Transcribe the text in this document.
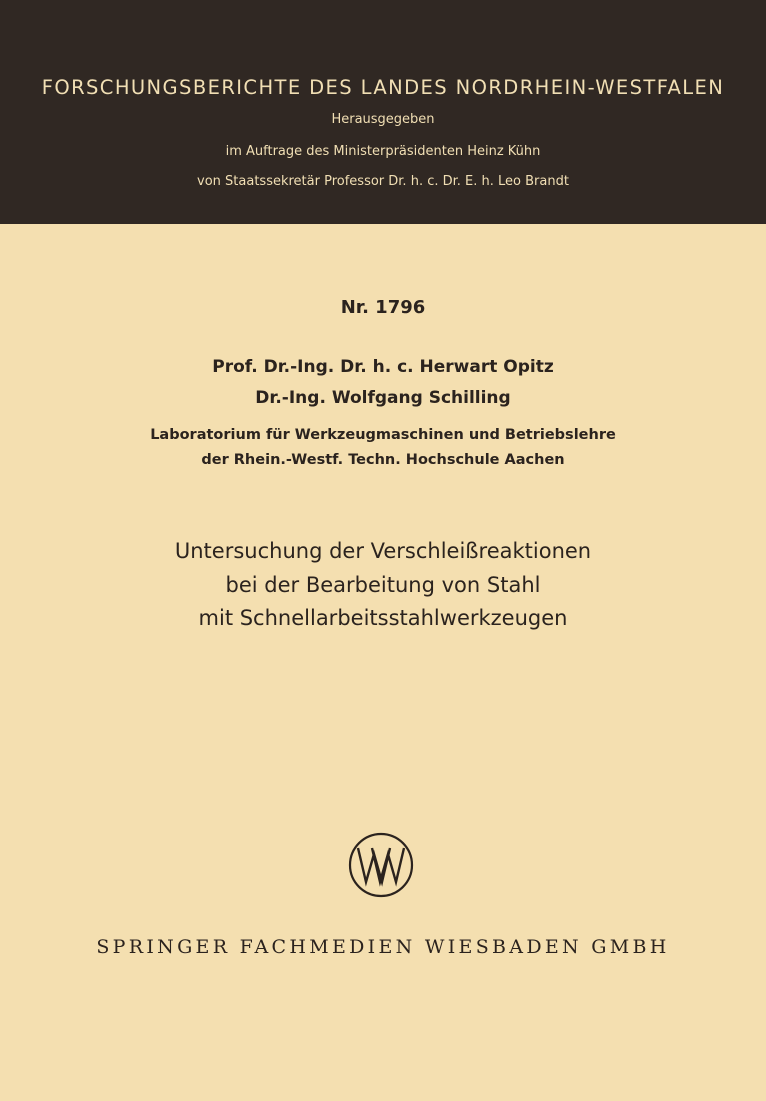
FORSCHUNGSBERICHTE DES LANDES NORDRHEIN-WESTFALEN
Herausgegeben
im Auftrage des Ministerpräsidenten Heinz Kühn
von Staatssekretär Professor Dr. h. c. Dr. E. h. Leo Brandt
Nr. 1796
Prof. Dr.-Ing. Dr. h. c. Herwart Opitz
Dr.-Ing. Wolfgang Schilling
Laboratorium für Werkzeugmaschinen und Betriebslehre
der Rhein.-Westf. Techn. Hochschule Aachen
Untersuchung der Verschleißreaktionen
bei der Bearbeitung von Stahl
mit Schnellarbeitsstahlwerkzeugen
SPRINGER FACHMEDIEN WIESBADEN GMBH
